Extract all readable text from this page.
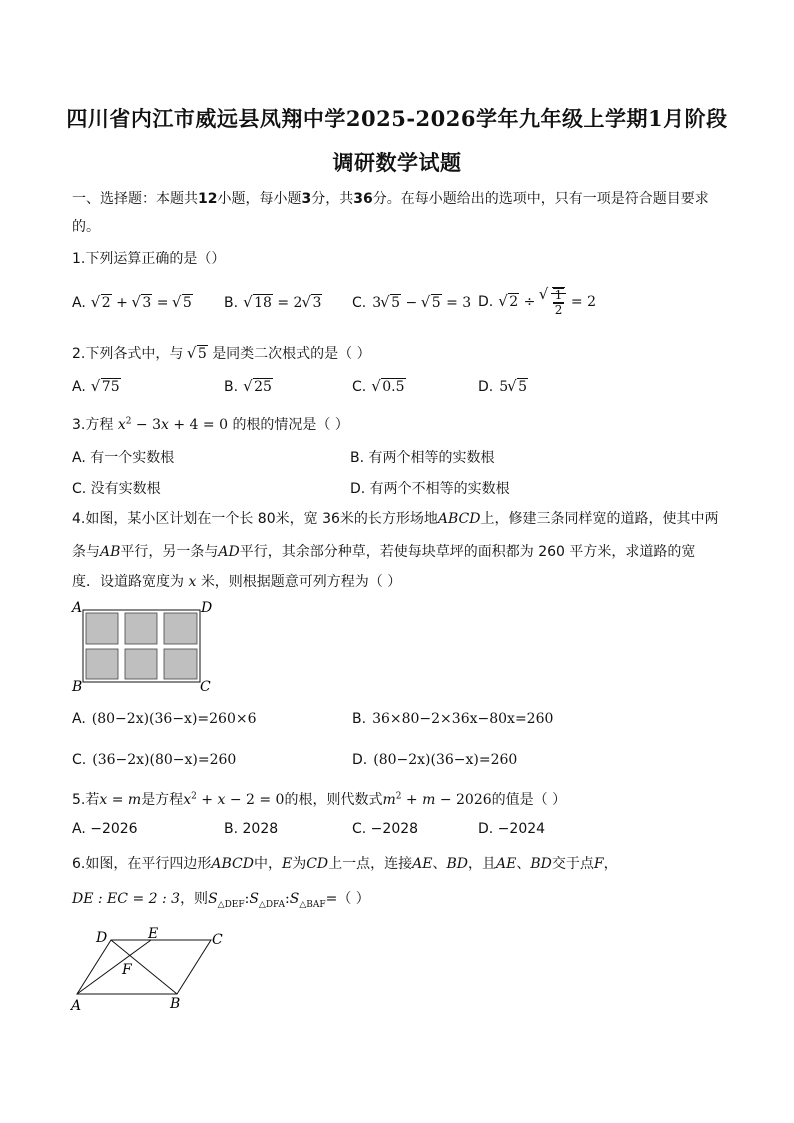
四川省内江市威远县凤翔中学2025-2026学年九年级上学期1月阶段
调研数学试题
一、选择题：本题共12小题，每小题3分，共36分。在每小题给出的选项中，只有一项是符合题目要求
的。
1.下列运算正确的是（）
A. √ 2 + √ 3 = √ 5 B. √ 18 = 2 √ 3 C. 3 √ 5 − √ 5 = 3 D. √ 2 ÷ √ $\frac{1}{2} = 2$
2.下列各式中，与 √ 5 是同类二次根式的是（ ）
A. √ 75	B. √ 25	C. √ 0.5	D. 5 √ 5
3.方程 $x^2 - 3x + 4 = 0$ 的根的情况是（ ）
A. 有一个实数根	B. 有两个相等的实数根
C. 没有实数根	D. 有两个不相等的实数根
4.如图，某小区计划在一个长 80米，宽 36米的长方形场地ABCD上，修建三条同样宽的道路，使其中两
条与AB平行，另一条与AD平行，其余部分种草，若使每块草坪的面积都为 260 平方米，求道路的宽
度．设道路宽度为 x 米，则根据题意可列方程为（ ）
A	D
B	C
A. (80−2x)(36−x)=260×6	B. 36×80−2×36x−80x=260
C. (36−2x)(80−x)=260	D. (80−2x)(36−x)=260
5.若x = m是方程$x^2 + x - 2 = 0$的根，则代数式$m^2 + m - 2026$的值是（ ）
A. −2026	B. 2028	C. −2028	D. −2024
6.如图，在平行四边形ABCD中，E为CD上一点，连接AE、BD，且AE、BD交于点F，
DE : EC = 2 : 3，则$S_{\triangle DEF}:S_{\triangle DFA}:S_{\triangle BAF}=$（ ）
D	E	C
F
A	B
